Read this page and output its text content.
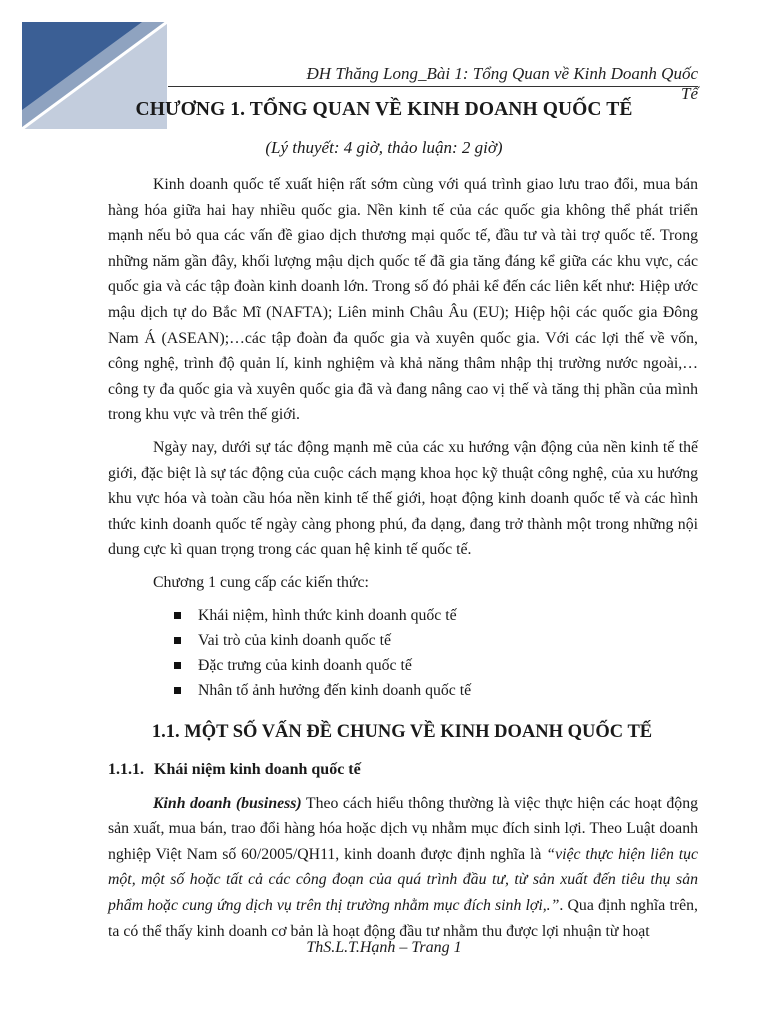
ĐH Thăng Long_Bài 1: Tổng Quan về Kinh Doanh Quốc Tế
CHƯƠNG 1. TỔNG QUAN VỀ KINH DOANH QUỐC TẾ
(Lý thuyết: 4 giờ, thảo luận: 2 giờ)

Kinh doanh quốc tế xuất hiện rất sớm cùng với quá trình giao lưu trao đổi, mua bán hàng hóa giữa hai hay nhiều quốc gia. Nền kinh tế của các quốc gia không thể phát triển mạnh nếu bỏ qua các vấn đề giao dịch thương mại quốc tế, đầu tư và tài trợ quốc tế. Trong những năm gần đây, khối lượng mậu dịch quốc tế đã gia tăng đáng kể giữa các khu vực, các quốc gia và các tập đoàn kinh doanh lớn. Trong số đó phải kể đến các liên kết như: Hiệp ước mậu dịch tự do Bắc Mĩ (NAFTA); Liên minh Châu Âu (EU); Hiệp hội các quốc gia Đông Nam Á (ASEAN);…các tập đoàn đa quốc gia và xuyên quốc gia. Với các lợi thế về vốn, công nghệ, trình độ quản lí, kinh nghiệm và khả năng thâm nhập thị trường nước ngoài,…công ty đa quốc gia và xuyên quốc gia đã và đang nâng cao vị thế và tăng thị phần của mình trong khu vực và trên thế giới.

Ngày nay, dưới sự tác động mạnh mẽ của các xu hướng vận động của nền kinh tế thế giới, đặc biệt là sự tác động của cuộc cách mạng khoa học kỹ thuật công nghệ, của xu hướng khu vực hóa và toàn cầu hóa nền kinh tế thế giới, hoạt động kinh doanh quốc tế và các hình thức kinh doanh quốc tế ngày càng phong phú, đa dạng, đang trở thành một trong những nội dung cực kì quan trọng trong các quan hệ kinh tế quốc tế.

Chương 1 cung cấp các kiến thức:

Khái niệm, hình thức kinh doanh quốc tế
Vai trò của kinh doanh quốc tế
Đặc trưng của kinh doanh quốc tế
Nhân tố ảnh hưởng đến kinh doanh quốc tế
1.1. MỘT SỐ VẤN ĐỀ CHUNG VỀ KINH DOANH QUỐC TẾ
1.1.1. Khái niệm kinh doanh quốc tế

Kinh doanh (business) Theo cách hiểu thông thường là việc thực hiện các hoạt động sản xuất, mua bán, trao đổi hàng hóa hoặc dịch vụ nhằm mục đích sinh lợi. Theo Luật doanh nghiệp Việt Nam số 60/2005/QH11, kinh doanh được định nghĩa là “việc thực hiện liên tục một, một số hoặc tất cả các công đoạn của quá trình đầu tư, từ sản xuất đến tiêu thụ sản phẩm hoặc cung ứng dịch vụ trên thị trường nhằm mục đích sinh lợi,.”. Qua định nghĩa trên, ta có thể thấy kinh doanh cơ bản là hoạt động đầu tư nhằm thu được lợi nhuận từ hoạt

ThS.L.T.Hạnh – Trang 1
